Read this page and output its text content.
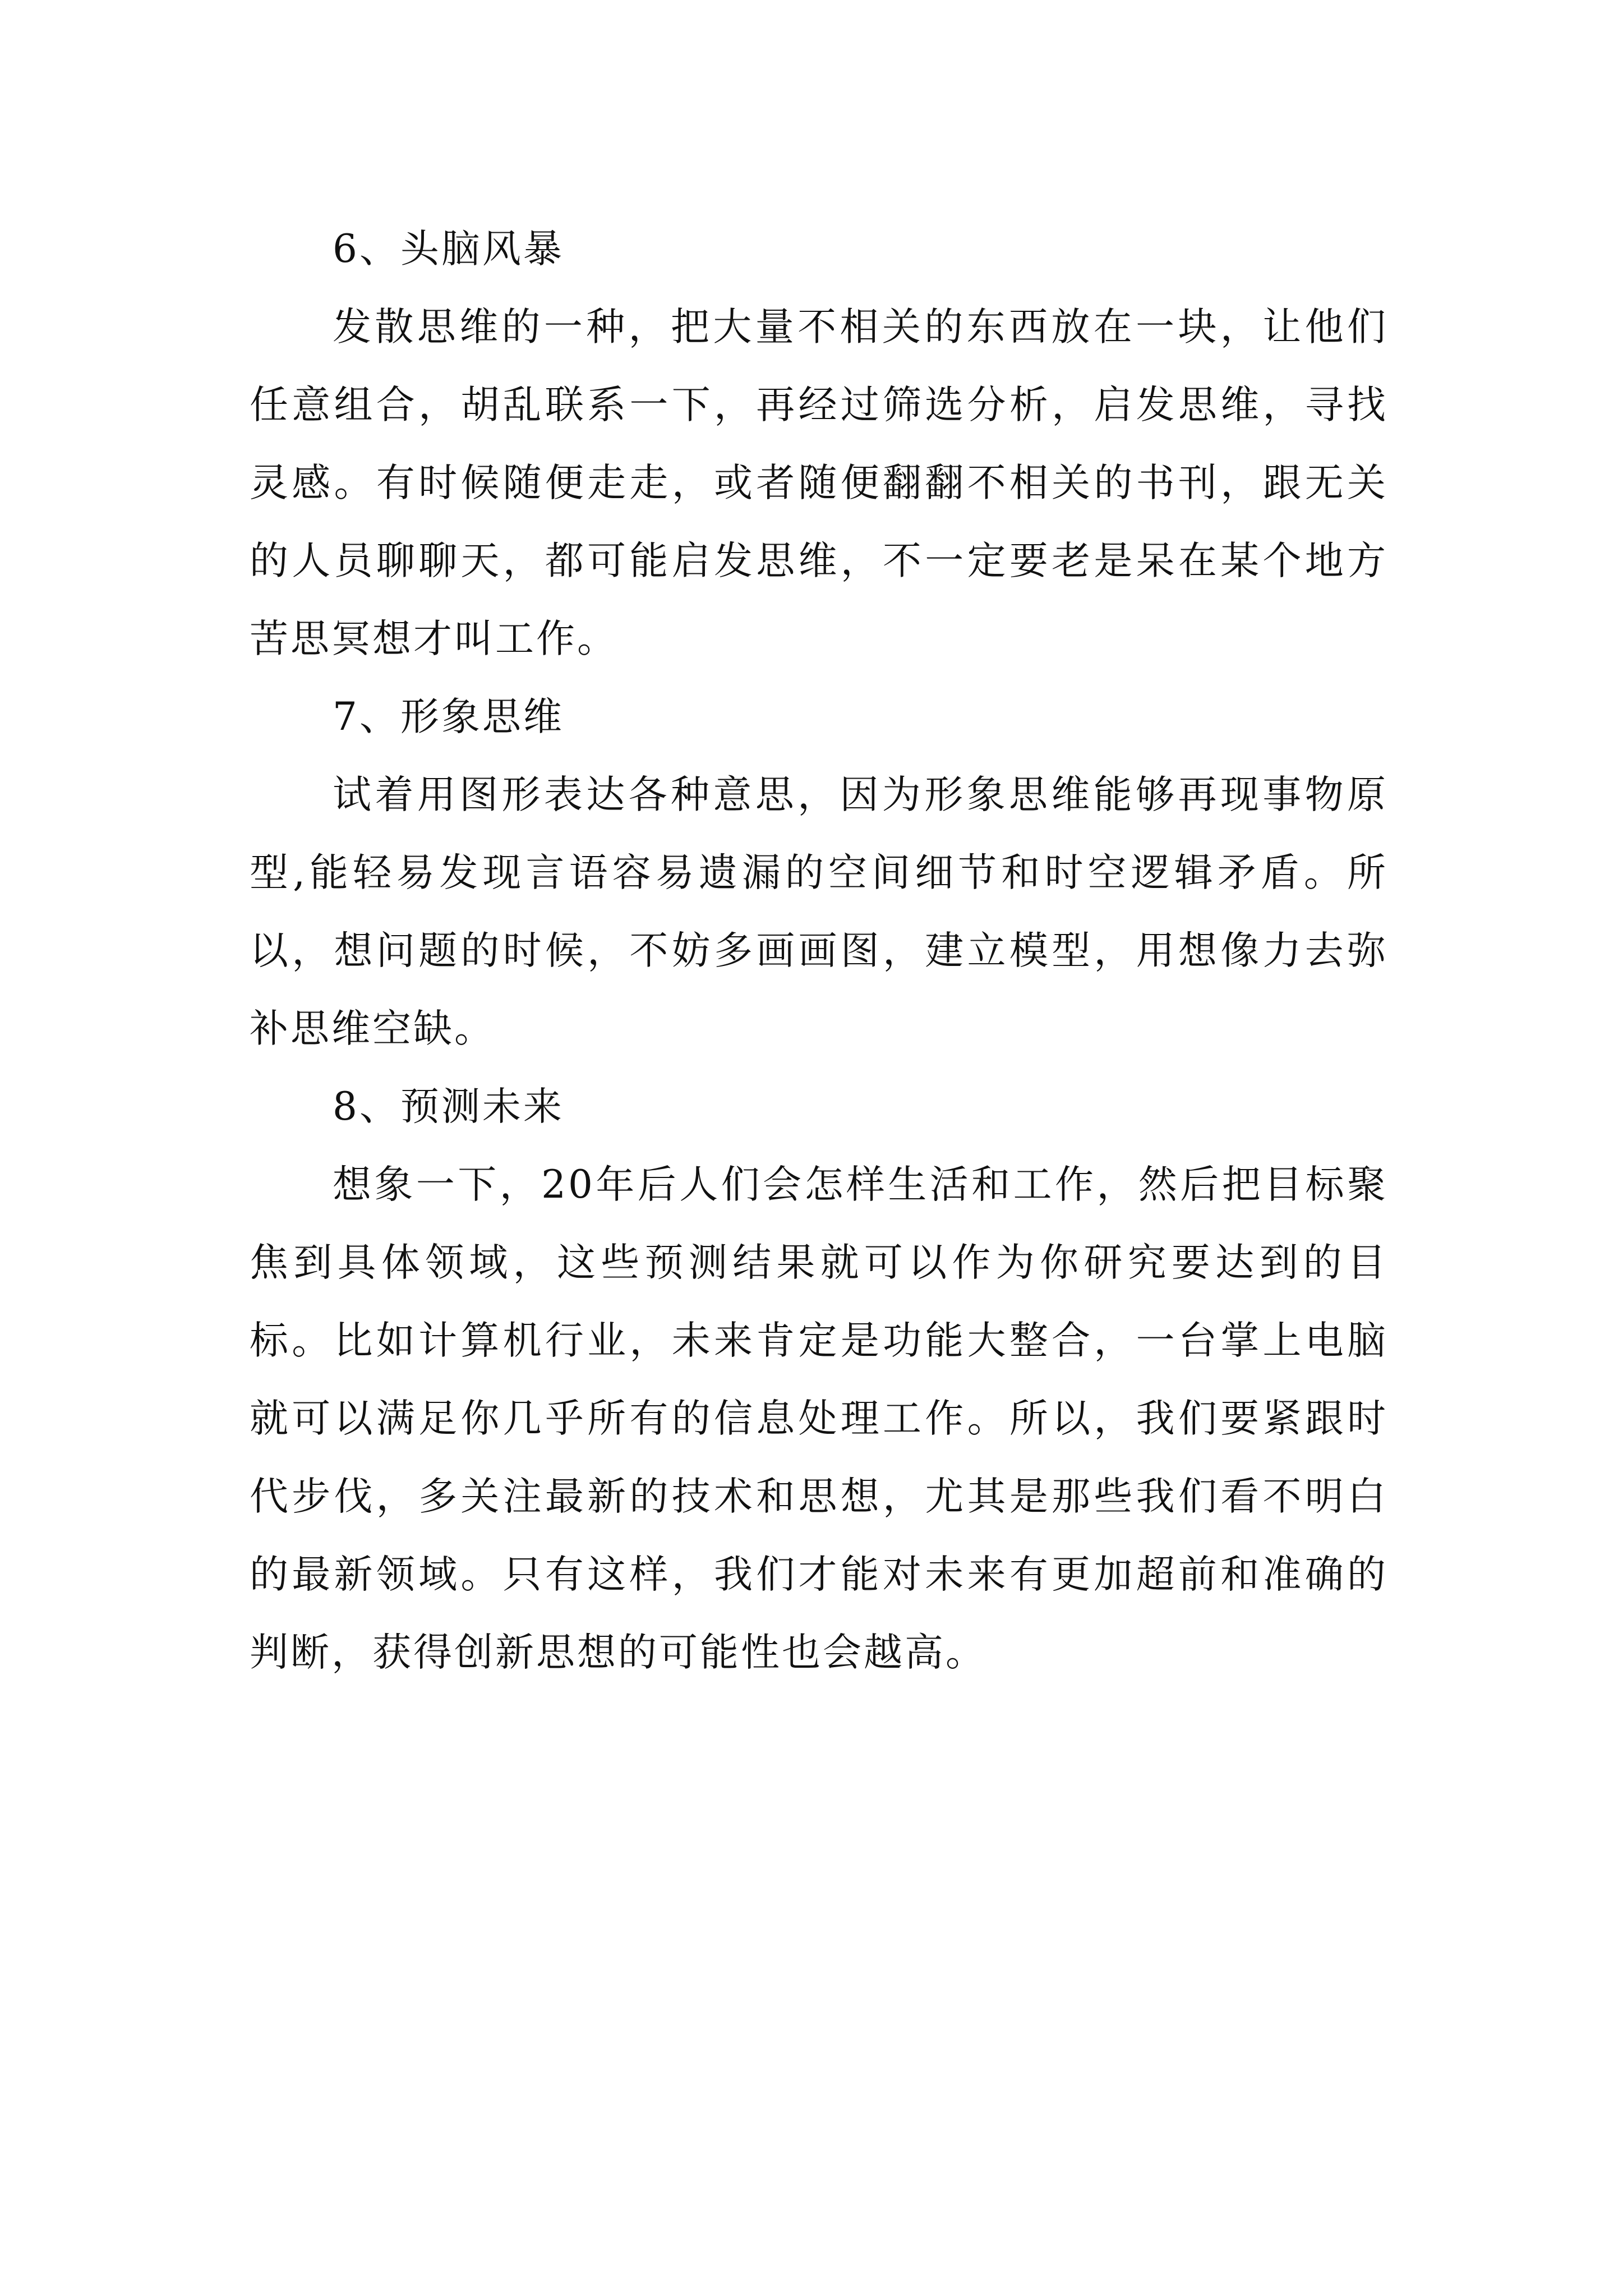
6、头脑风暴

发散思维的一种，把大量不相关的东西放在一块，让他们任意组合，胡乱联系一下，再经过筛选分析，启发思维，寻找灵感。有时候随便走走，或者随便翻翻不相关的书刊，跟无关的人员聊聊天，都可能启发思维，不一定要老是呆在某个地方苦思冥想才叫工作。

7、形象思维

试着用图形表达各种意思，因为形象思维能够再现事物原型,能轻易发现言语容易遗漏的空间细节和时空逻辑矛盾。所以，想问题的时候，不妨多画画图，建立模型，用想像力去弥补思维空缺。

8、预测未来

想象一下，20年后人们会怎样生活和工作，然后把目标聚焦到具体领域，这些预测结果就可以作为你研究要达到的目标。比如计算机行业，未来肯定是功能大整合，一台掌上电脑就可以满足你几乎所有的信息处理工作。所以，我们要紧跟时代步伐，多关注最新的技术和思想，尤其是那些我们看不明白的最新领域。只有这样，我们才能对未来有更加超前和准确的判断，获得创新思想的可能性也会越高。
